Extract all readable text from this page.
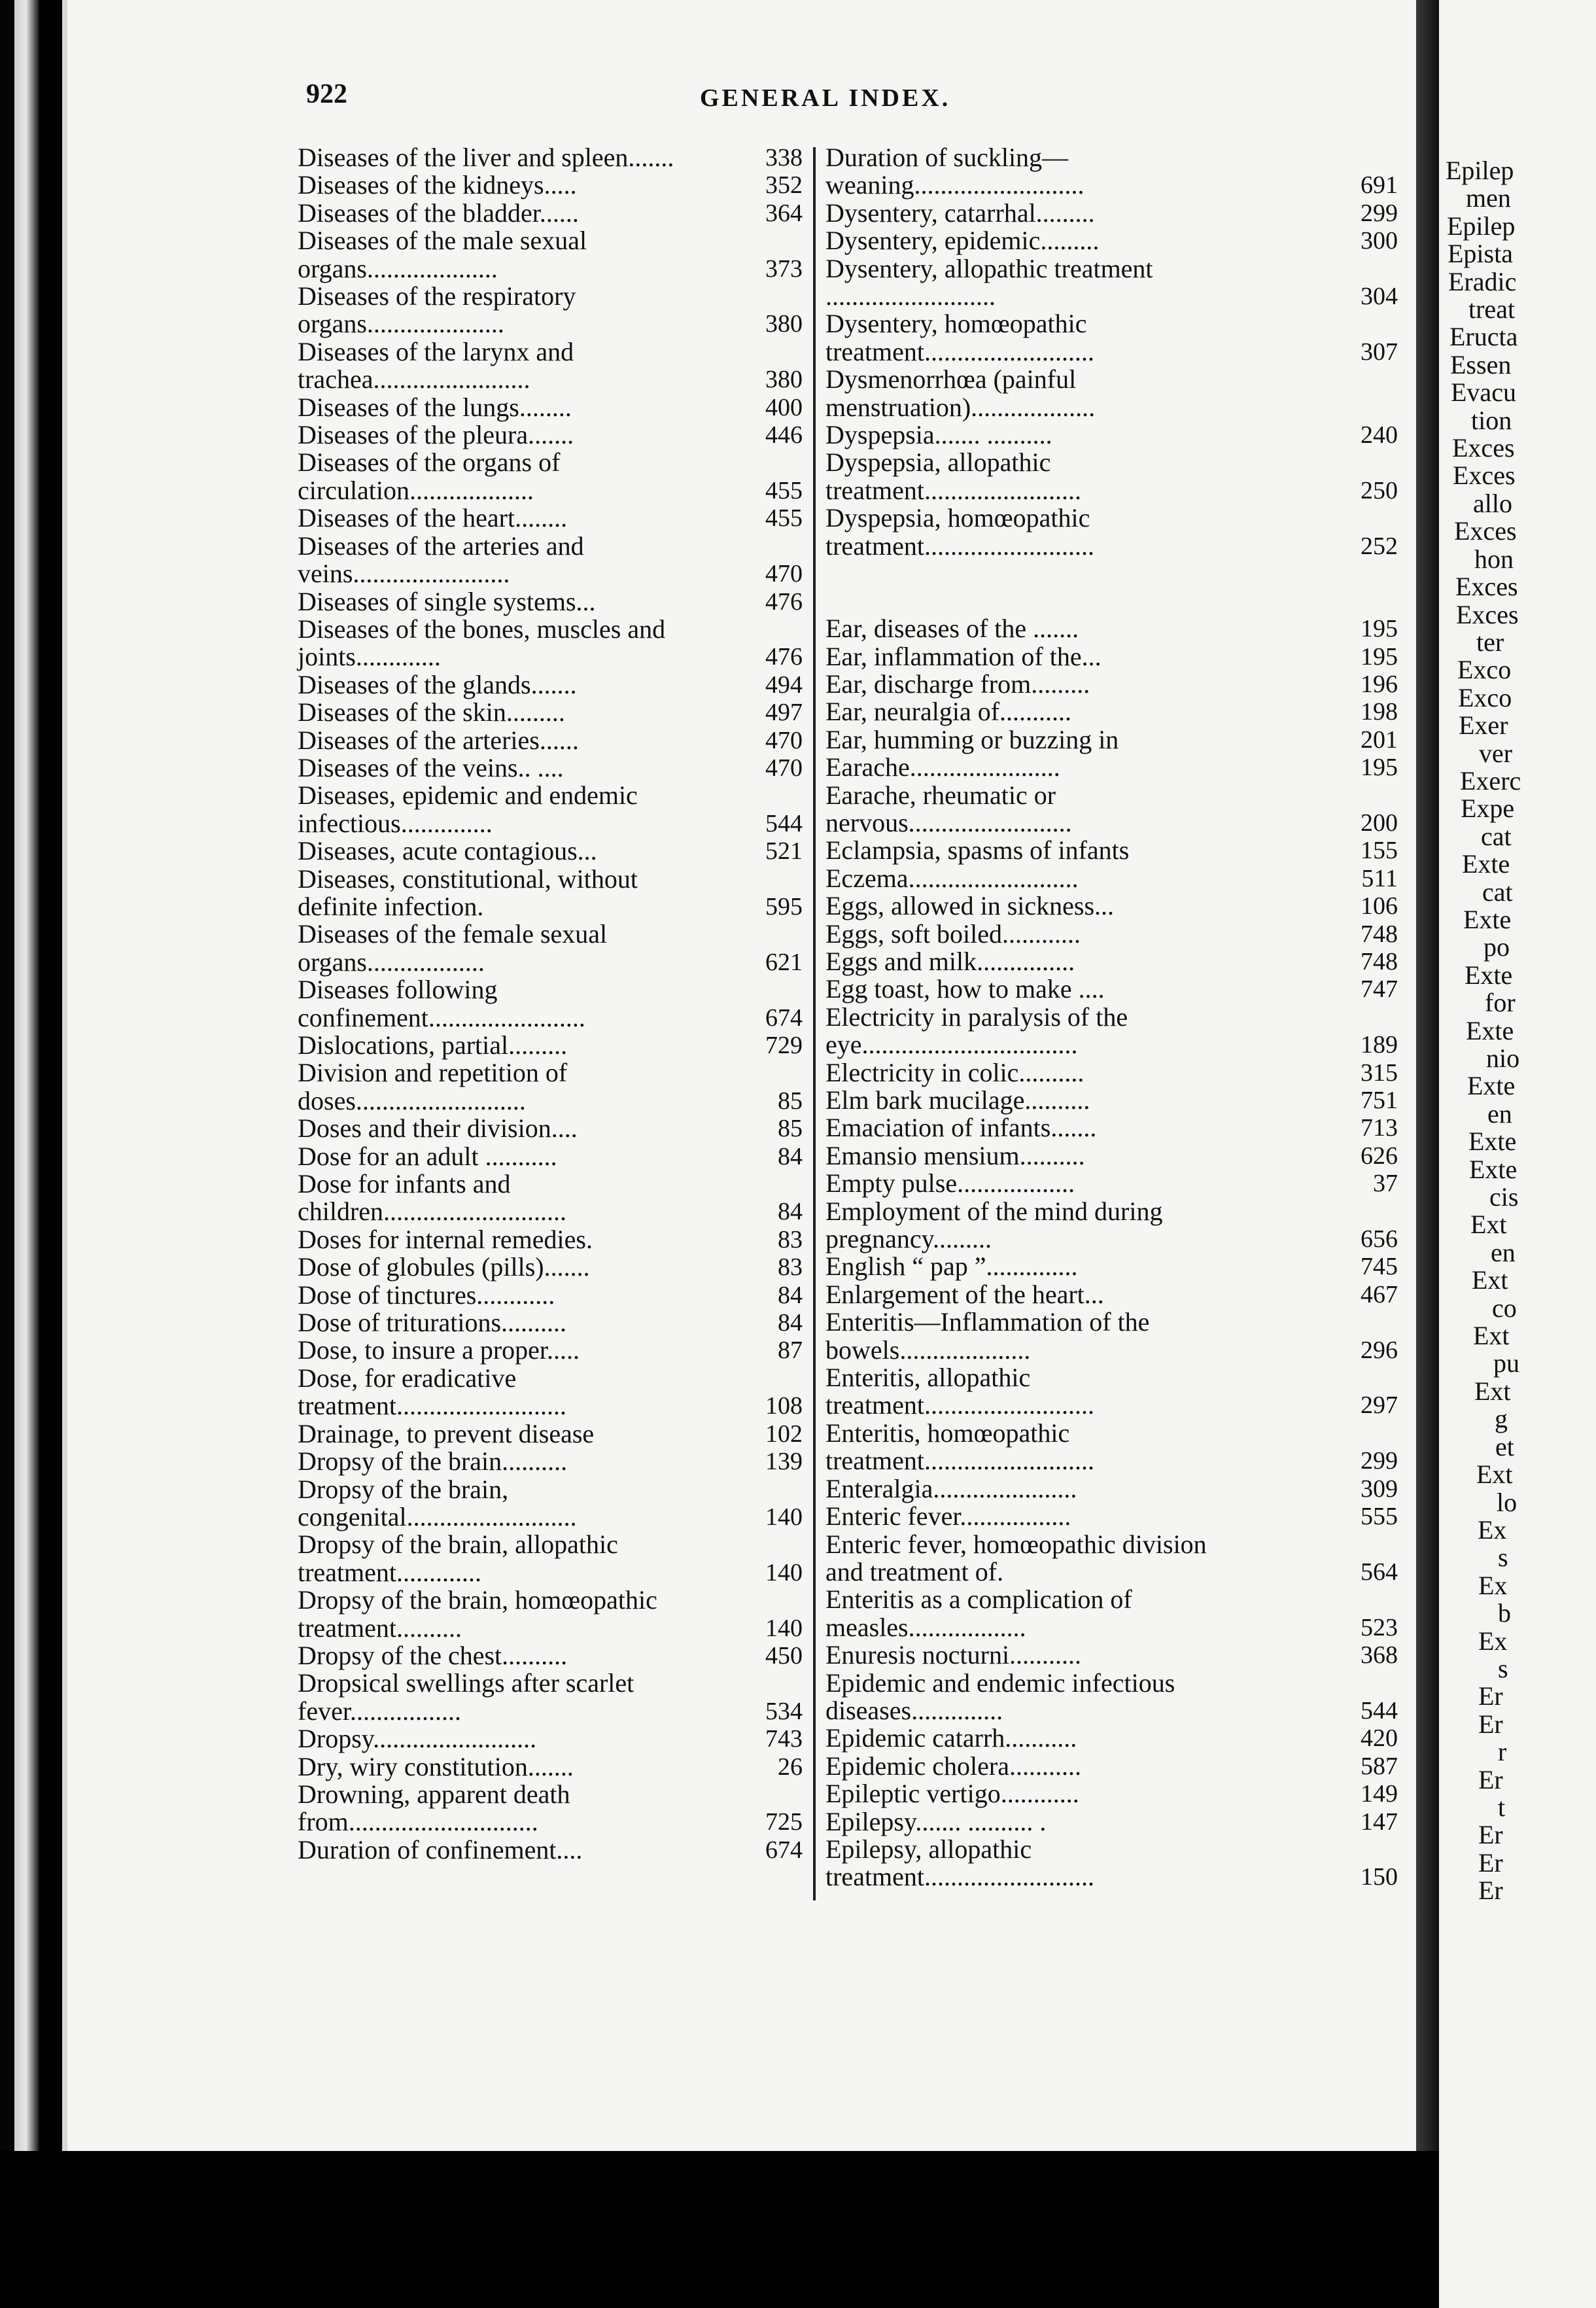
922	GENERAL INDEX.
Diseases of the liver and spleen.......	338
Diseases of the kidneys.....	352
Diseases of the bladder......	364
Diseases of the male sexual organs....................	373
Diseases of the respiratory organs.....................	380
Diseases of the larynx and trachea........................	380
Diseases of the lungs........	400
Diseases of the pleura.......	446
Diseases of the organs of circulation...................	455
Diseases of the heart........	455
Diseases of the arteries and veins........................	470
Diseases of single systems...	476
Diseases of the bones, muscles and joints.............	476
Diseases of the glands.......	494
Diseases of the skin.........	497
Diseases of the arteries......	470
Diseases of the veins.. ....	470
Diseases, epidemic and endemic infectious..............	544
Diseases, acute contagious...	521
Diseases, constitutional, without definite infection.	595
Diseases of the female sexual organs..................	621
Diseases following confinement........................	674
Dislocations, partial.........	729
Division and repetition of doses..........................	85
Doses and their division....	85
Dose for an adult ...........	84
Dose for infants and children............................	84
Doses for internal remedies.	83
Dose of globules (pills).......	83
Dose of tinctures............	84
Dose of triturations..........	84
Dose, to insure a proper.....	87
Dose, for eradicative treatment..........................	108
Drainage, to prevent disease	102
Dropsy of the brain..........	139
Dropsy of the brain, congenital..........................	140
Dropsy of the brain, allopathic treatment.............	140
Dropsy of the brain, homœopathic treatment..........	140
Dropsy of the chest..........	450
Dropsical swellings after scarlet fever.................	534
Dropsy.........................	743
Dry, wiry constitution.......	26
Drowning, apparent death from.............................	725
Duration of confinement....	674
Duration of suckling—weaning..........................	691
Dysentery, catarrhal.........	299
Dysentery, epidemic.........	300
Dysentery, allopathic treatment ..........................	304
Dysentery, homœopathic treatment..........................	307
Dysmenorrhœa (painful menstruation)...................
Dyspepsia....... ..........	240
Dyspepsia, allopathic treatment........................	250
Dyspepsia, homœopathic treatment..........................	252
Ear, diseases of the .......	195
Ear, inflammation of the...	195
Ear, discharge from.........	196
Ear, neuralgia of...........	198
Ear, humming or buzzing in	201
Earache.......................	195
Earache, rheumatic or nervous.........................	200
Eclampsia, spasms of infants	155
Eczema..........................	511
Eggs, allowed in sickness...	106
Eggs, soft boiled............	748
Eggs and milk...............	748
Egg toast, how to make ....	747
Electricity in paralysis of the eye.................................	189
Electricity in colic..........	315
Elm bark mucilage..........	751
Emaciation of infants.......	713
Emansio mensium..........	626
Empty pulse..................	37
Employment of the mind during pregnancy.........	656
English “ pap ”..............	745
Enlargement of the heart...	467
Enteritis—Inflammation of the bowels....................	296
Enteritis, allopathic treatment..........................	297
Enteritis, homœopathic treatment..........................	299
Enteralgia......................	309
Enteric fever.................	555
Enteric fever, homœopathic division and treatment of.	564
Enteritis as a complication of measles..................	523
Enuresis nocturni...........	368
Epidemic and endemic infectious diseases..............	544
Epidemic catarrh...........	420
Epidemic cholera...........	587
Epileptic vertigo............	149
Epilepsy....... .......... .	147
Epilepsy, allopathic treatment..........................	150
Epilep
men
Epilep
Epista
Eradic
treat
Eructa
Essen
Evacu
tion
Exces
Exces
allo
Exces
hon
Exces
Exces
ter
Exco
Exco
Exer
ver
Exerc
Expe
cat
Exte
cat
Exte
po
Exte
for
Exte
nio
Exte
en
Exte
Exte
cis
Ext
en
Ext
co
Ext
pu
Ext
g
et
Ext
lo
Ex
s
Ex
b
Ex
s
Er
Er
r
Er
t
Er
Er
Er
